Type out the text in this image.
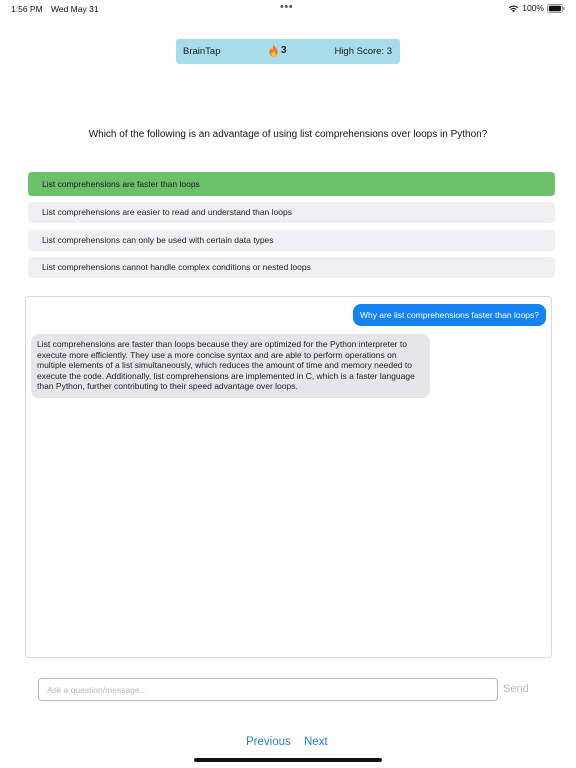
1:56 PM Wed May 31	•••	100%
BrainTap	3	High Score: 3
Which of the following is an advantage of using list comprehensions over loops in Python?
List comprehensions are faster than loops
List comprehensions are easier to read and understand than loops
List comprehensions can only be used with certain data types
List comprehensions cannot handle complex conditions or nested loops
Why are list comprehensions faster than loops?
List comprehensions are faster than loops because they are optimized for the Python interpreter to execute more efficiently. They use a more concise syntax and are able to perform operations on multiple elements of a list simultaneously, which reduces the amount of time and memory needed to execute the code. Additionally, list comprehensions are implemented in C, which is a faster language than Python, further contributing to their speed advantage over loops.
Ask a question/message...
Send
Previous Next
